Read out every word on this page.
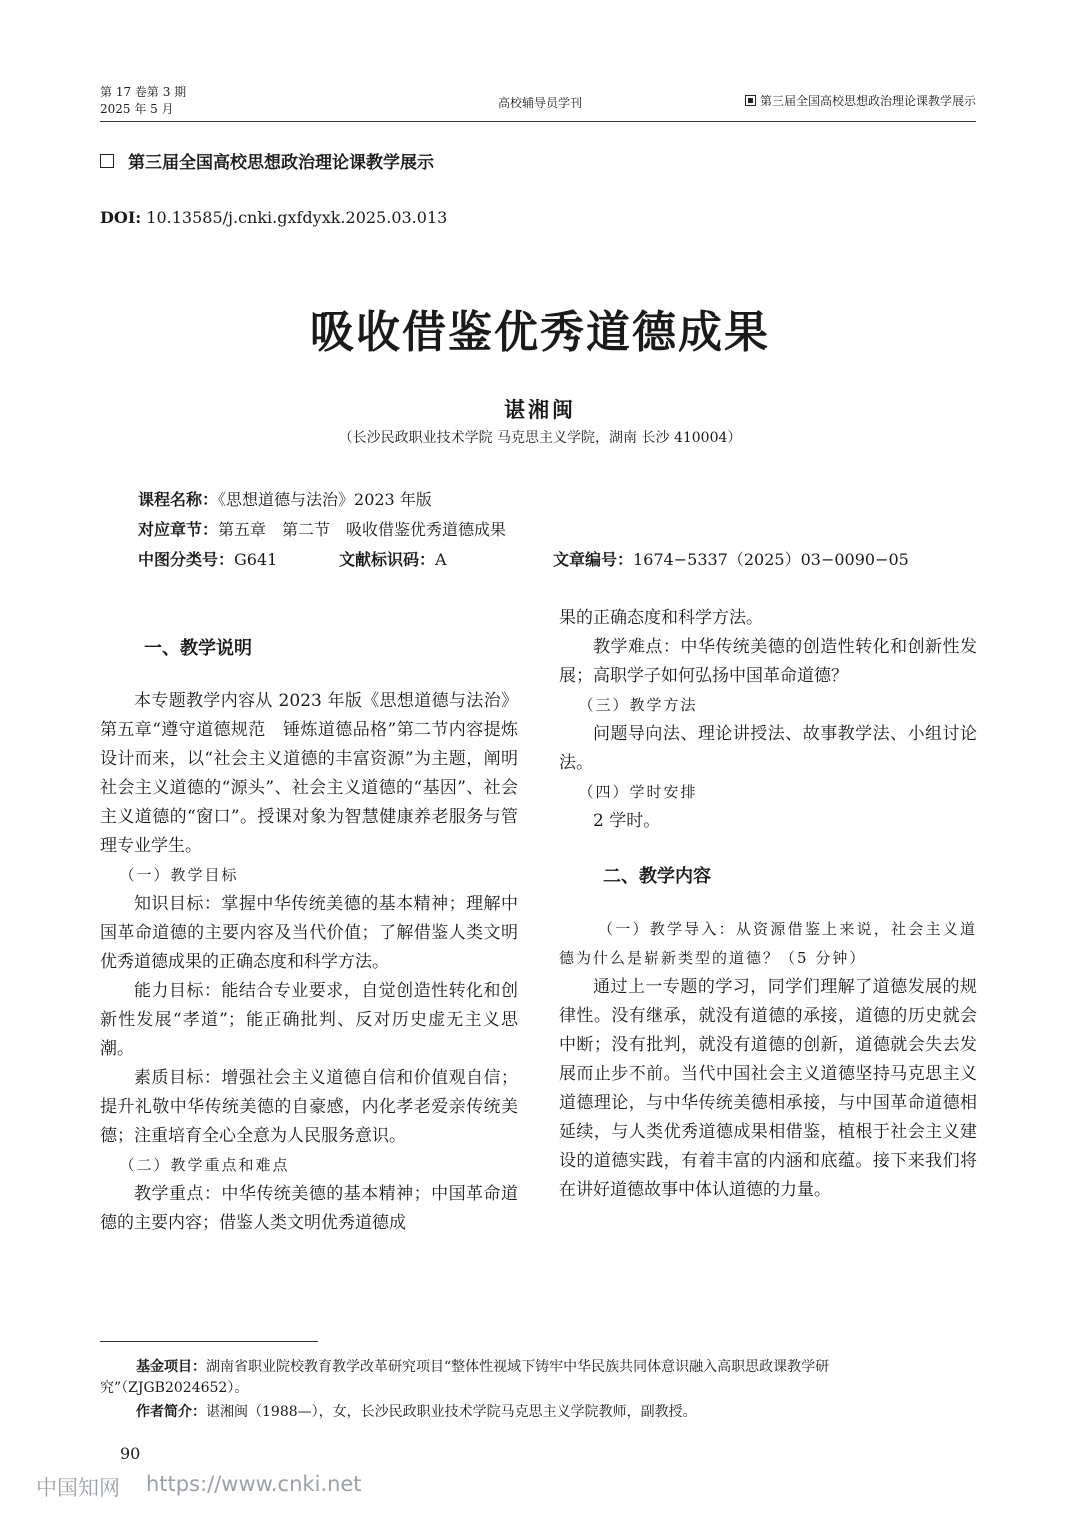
第 17 卷第 3 期
2025 年 5 月	高校辅导员学刊	第三届全国高校思想政治理论课教学展示
第三届全国高校思想政治理论课教学展示
DOI: 10.13585/j.cnki.gxfdyxk.2025.03.013
吸收借鉴优秀道德成果
谌湘闽
（长沙民政职业技术学院 马克思主义学院，湖南 长沙 410004）
课程名称：《思想道德与法治》2023 年版
对应章节：第五章　第二节　吸收借鉴优秀道德成果
中图分类号：G641	文献标识码：A	文章编号：1674−5337（2025）03−0090−05
一、教学说明

本专题教学内容从 2023 年版《思想道德与法治》第五章“遵守道德规范　锤炼道德品格”第二节内容提炼设计而来，以“社会主义道德的丰富资源”为主题，阐明社会主义道德的“源头”、社会主义道德的“基因”、社会主义道德的“窗口”。授课对象为智慧健康养老服务与管理专业学生。

（一）教学目标

知识目标：掌握中华传统美德的基本精神；理解中国革命道德的主要内容及当代价值；了解借鉴人类文明优秀道德成果的正确态度和科学方法。

能力目标：能结合专业要求，自觉创造性转化和创新性发展“孝道”；能正确批判、反对历史虚无主义思潮。

素质目标：增强社会主义道德自信和价值观自信；提升礼敬中华传统美德的自豪感，内化孝老爱亲传统美德；注重培育全心全意为人民服务意识。

（二）教学重点和难点

教学重点：中华传统美德的基本精神；中国革命道德的主要内容；借鉴人类文明优秀道德成

果的正确态度和科学方法。

教学难点：中华传统美德的创造性转化和创新性发展；高职学子如何弘扬中国革命道德？

（三）教学方法

问题导向法、理论讲授法、故事教学法、小组讨论法。

（四）学时安排

2 学时。

二、教学内容
（一）教学导入：从资源借鉴上来说，社会主义道德为什么是崭新类型的道德？（5 分钟）

通过上一专题的学习，同学们理解了道德发展的规律性。没有继承，就没有道德的承接，道德的历史就会中断；没有批判，就没有道德的创新，道德就会失去发展而止步不前。当代中国社会主义道德坚持马克思主义道德理论，与中华传统美德相承接，与中国革命道德相延续，与人类优秀道德成果相借鉴，植根于社会主义建设的道德实践，有着丰富的内涵和底蕴。接下来我们将在讲好道德故事中体认道德的力量。

基金项目：湖南省职业院校教育教学改革研究项目“整体性视域下铸牢中华民族共同体意识融入高职思政课教学研究”（ZJGB2024652）。
作者简介：谌湘闽（1988—），女，长沙民政职业技术学院马克思主义学院教师，副教授。
90
中国知网 https://www.cnki.net
